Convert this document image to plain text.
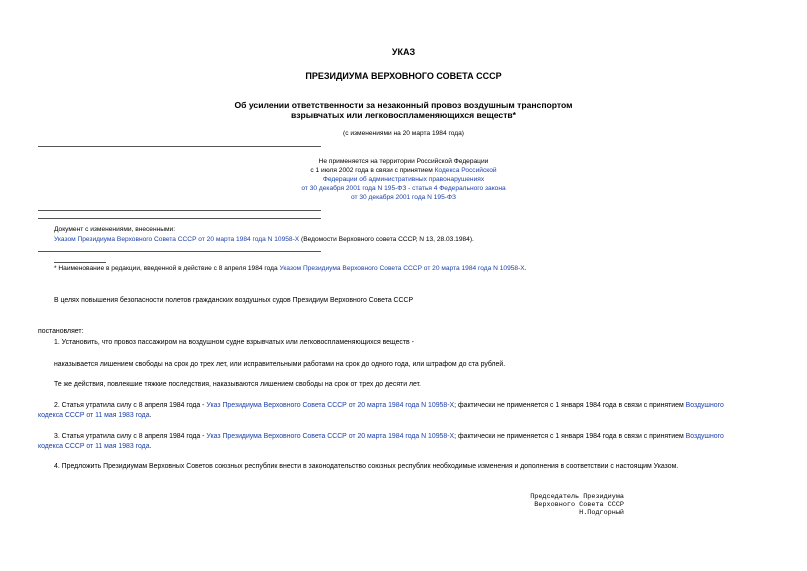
УКАЗ
ПРЕЗИДИУМА ВЕРХОВНОГО СОВЕТА СССР
Об усилении ответственности за незаконный провоз воздушным транспортом
взрывчатых или легковоспламеняющихся веществ*
(с изменениями на 20 марта 1984 года)
Не применяется на территории Российской Федерации
с 1 июля 2002 года в связи с принятием Кодекса Российской
Федерации об административных правонарушениях
от 30 декабря 2001 года N 195-ФЗ - статья 4 Федерального закона
от 30 декабря 2001 года N 195-ФЗ
Документ с изменениями, внесенными:
Указом Президиума Верховного Совета СССР от 20 марта 1984 года N 10958-X (Ведомости Верховного совета СССР, N 13, 28.03.1984).
* Наименование в редакции, введенной в действие с 8 апреля 1984 года Указом Президиума Верховного Совета СССР от 20 марта 1984 года N 10958-X.
В целях повышения безопасности полетов гражданских воздушных судов Президиум Верховного Совета СССР
постановляет:
1. Установить, что провоз пассажиром на воздушном судне взрывчатых или легковоспламеняющихся веществ -
наказывается лишением свободы на срок до трех лет, или исправительными работами на срок до одного года, или штрафом до ста рублей.
Те же действия, повлекшие тяжкие последствия, наказываются лишением свободы на срок от трех до десяти лет.
2. Статья утратила силу с 8 апреля 1984 года - Указ Президиума Верховного Совета СССР от 20 марта 1984 года N 10958-X; фактически не применяется с 1 января 1984 года в связи с принятием Воздушного
кодекса СССР от 11 мая 1983 года.
3. Статья утратила силу с 8 апреля 1984 года - Указ Президиума Верховного Совета СССР от 20 марта 1984 года N 10958-X; фактически не применяется с 1 января 1984 года в связи с принятием Воздушного
кодекса СССР от 11 мая 1983 года.
4. Предложить Президиумам Верховных Советов союзных республик внести в законодательство союзных республик необходимые изменения и дополнения в соответствии с настоящим Указом.
Председатель Президиума
Верховного Совета СССР
Н.Подгорный
